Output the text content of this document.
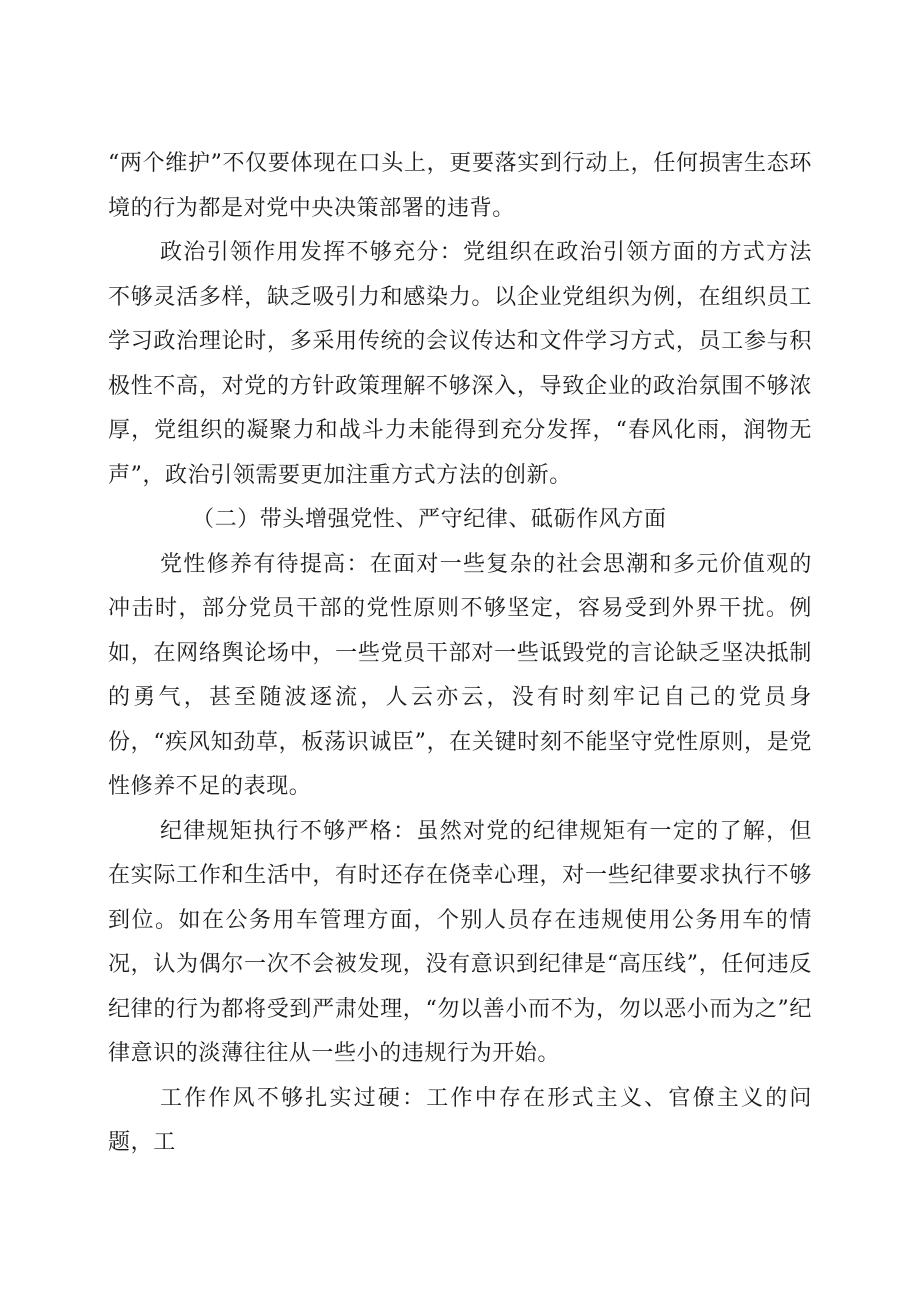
“两个维护”不仅要体现在口头上，更要落实到行动上，任何损害生态环境的行为都是对党中央决策部署的违背。

政治引领作用发挥不够充分：党组织在政治引领方面的方式方法不够灵活多样，缺乏吸引力和感染力。以企业党组织为例，在组织员工学习政治理论时，多采用传统的会议传达和文件学习方式，员工参与积极性不高，对党的方针政策理解不够深入，导致企业的政治氛围不够浓厚，党组织的凝聚力和战斗力未能得到充分发挥，“春风化雨，润物无声”，政治引领需要更加注重方式方法的创新。

（二）带头增强党性、严守纪律、砥砺作风方面

党性修养有待提高：在面对一些复杂的社会思潮和多元价值观的冲击时，部分党员干部的党性原则不够坚定，容易受到外界干扰。例如，在网络舆论场中，一些党员干部对一些诋毁党的言论缺乏坚决抵制的勇气，甚至随波逐流，人云亦云，没有时刻牢记自己的党员身份，“疾风知劲草，板荡识诚臣”，在关键时刻不能坚守党性原则，是党性修养不足的表现。

纪律规矩执行不够严格：虽然对党的纪律规矩有一定的了解，但在实际工作和生活中，有时还存在侥幸心理，对一些纪律要求执行不够到位。如在公务用车管理方面，个别人员存在违规使用公务用车的情况，认为偶尔一次不会被发现，没有意识到纪律是“高压线”，任何违反纪律的行为都将受到严肃处理，“勿以善小而不为，勿以恶小而为之”纪律意识的淡薄往往从一些小的违规行为开始。

工作作风不够扎实过硬：工作中存在形式主义、官僚主义的问题，工
